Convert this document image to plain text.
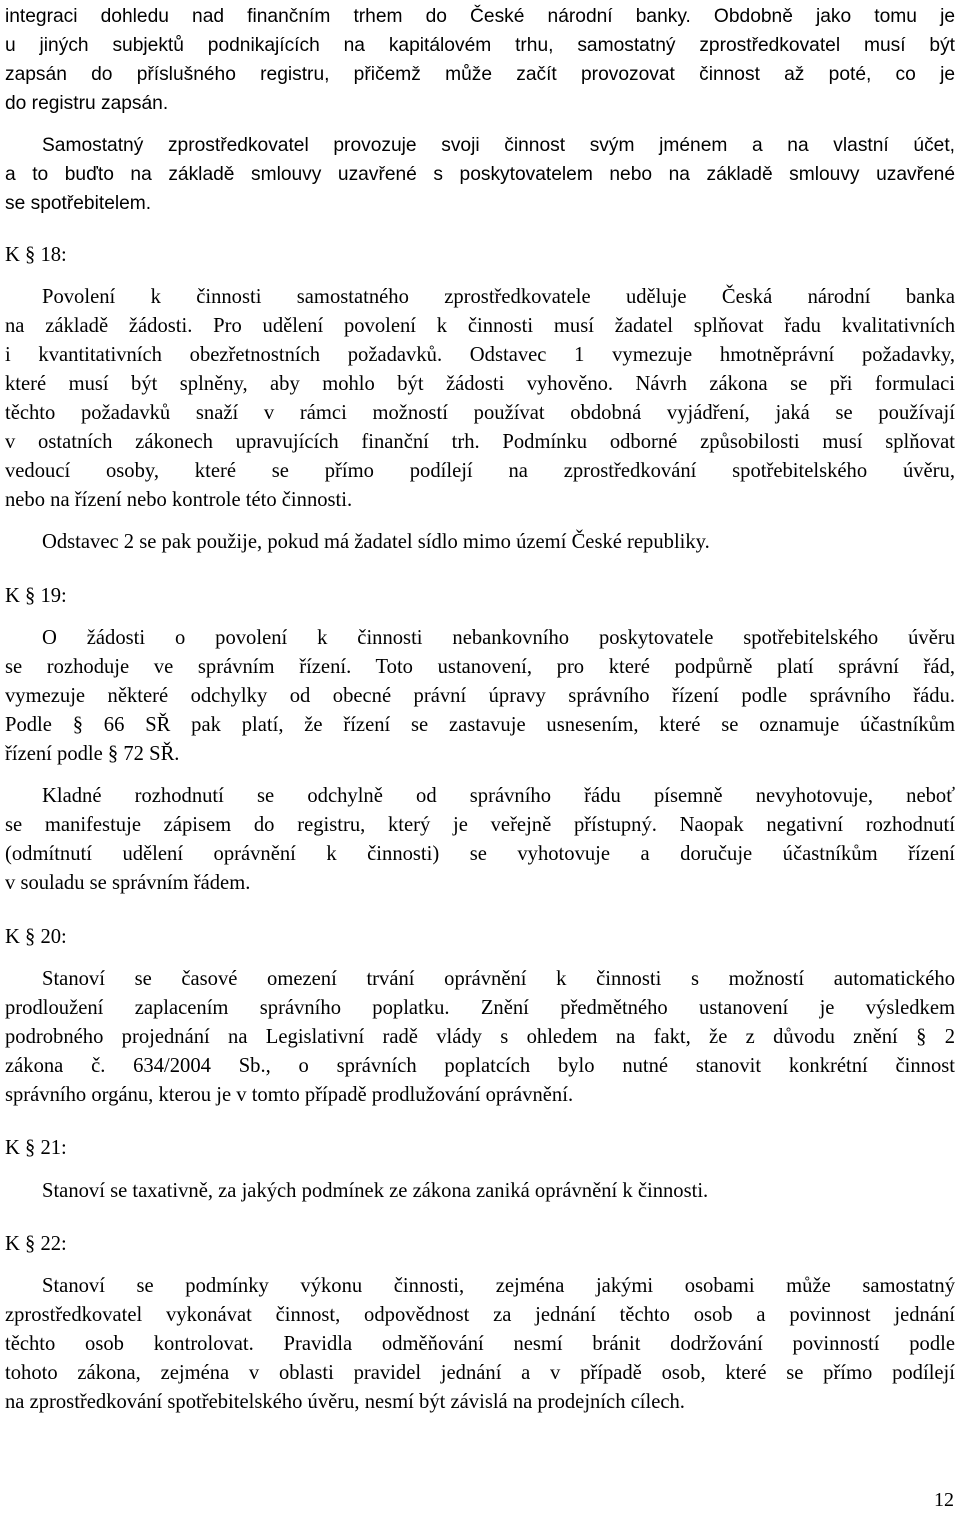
integraci dohledu nad finančním trhem do České národní banky. Obdobně jako tomu je

u jiných subjektů podnikajících na kapitálovém trhu, samostatný zprostředkovatel musí být

zapsán do příslušného registru, přičemž může začít provozovat činnost až poté, co je

do registru zapsán.

Samostatný zprostředkovatel provozuje svoji činnost svým jménem a na vlastní účet,

a to buďto na základě smlouvy uzavřené s poskytovatelem nebo na základě smlouvy uzavřené

se spotřebitelem.

K § 18:

Povolení k činnosti samostatného zprostředkovatele uděluje Česká národní banka

na základě žádosti. Pro udělení povolení k činnosti musí žadatel splňovat řadu kvalitativních

i kvantitativních obezřetnostních požadavků. Odstavec 1 vymezuje hmotněprávní požadavky,

které musí být splněny, aby mohlo být žádosti vyhověno. Návrh zákona se při formulaci

těchto požadavků snaží v rámci možností používat obdobná vyjádření, jaká se používají

v ostatních zákonech upravujících finanční trh. Podmínku odborné způsobilosti musí splňovat

vedoucí osoby, které se přímo podílejí na zprostředkování spotřebitelského úvěru,

nebo na řízení nebo kontrole této činnosti.

Odstavec 2 se pak použije, pokud má žadatel sídlo mimo území České republiky.

K § 19:

O žádosti o povolení k činnosti nebankovního poskytovatele spotřebitelského úvěru

se rozhoduje ve správním řízení. Toto ustanovení, pro které podpůrně platí správní řád,

vymezuje některé odchylky od obecné právní úpravy správního řízení podle správního řádu.

Podle § 66 SŘ pak platí, že řízení se zastavuje usnesením, které se oznamuje účastníkům

řízení podle § 72 SŘ.

Kladné rozhodnutí se odchylně od správního řádu písemně nevyhotovuje, neboť

se manifestuje zápisem do registru, který je veřejně přístupný. Naopak negativní rozhodnutí

(odmítnutí udělení oprávnění k činnosti) se vyhotovuje a doručuje účastníkům řízení

v souladu se správním řádem.

K § 20:

Stanoví se časové omezení trvání oprávnění k činnosti s možností automatického

prodloužení zaplacením správního poplatku. Znění předmětného ustanovení je výsledkem

podrobného projednání na Legislativní radě vlády s ohledem na fakt, že z důvodu znění § 2

zákona č. 634/2004 Sb., o správních poplatcích bylo nutné stanovit konkrétní činnost

správního orgánu, kterou je v tomto případě prodlužování oprávnění.

K § 21:

Stanoví se taxativně, za jakých podmínek ze zákona zaniká oprávnění k činnosti.

K § 22:

Stanoví se podmínky výkonu činnosti, zejména jakými osobami může samostatný

zprostředkovatel vykonávat činnost, odpovědnost za jednání těchto osob a povinnost jednání

těchto osob kontrolovat. Pravidla odměňování nesmí bránit dodržování povinností podle

tohoto zákona, zejména v oblasti pravidel jednání a v případě osob, které se přímo podílejí

na zprostředkování spotřebitelského úvěru, nesmí být závislá na prodejních cílech.

12
